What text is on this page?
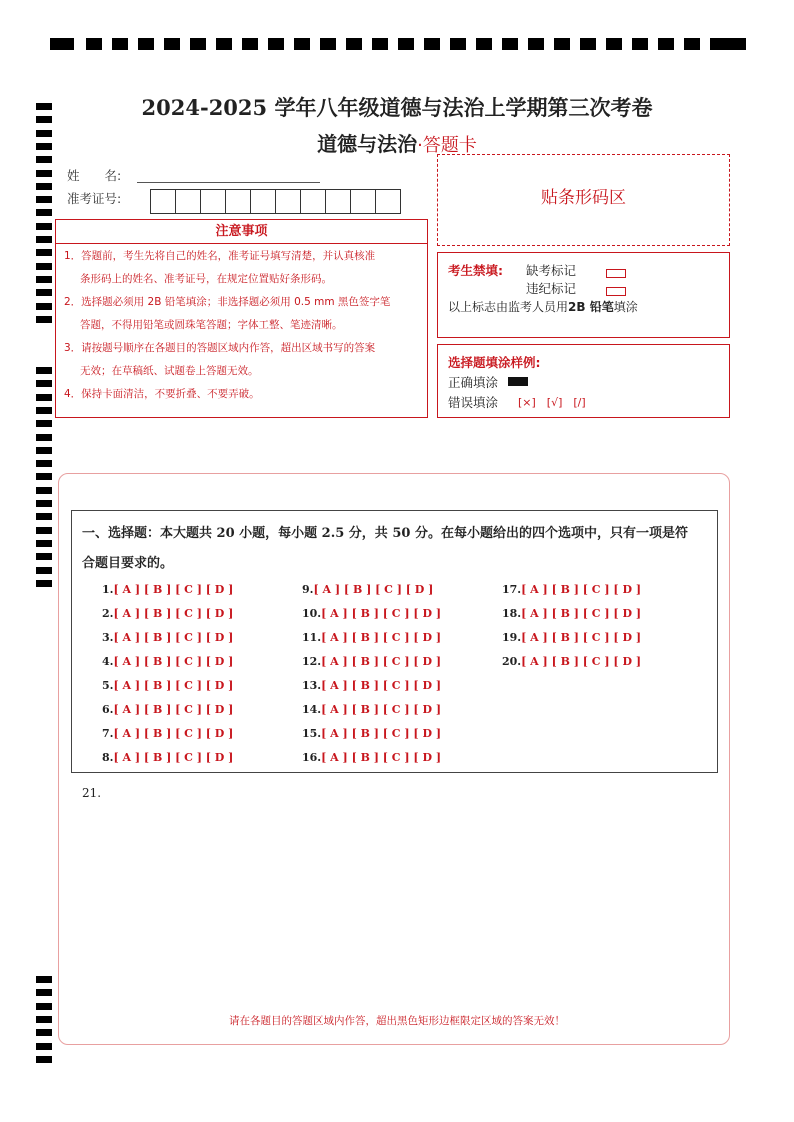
2024-2025 学年八年级道德与法治上学期第三次考卷
道德与法治·答题卡
姓　　名:
准考证号:
注意事项
1．答题前，考生先将自己的姓名，准考证号填写清楚，并认真核准
条形码上的姓名、准考证号，在规定位置贴好条形码。
2．选择题必须用 2B 铅笔填涂；非选择题必须用 0.5 mm 黑色签字笔
答题，不得用铅笔或圆珠笔答题；字体工整、笔迹清晰。
3．请按题号顺序在各题目的答题区域内作答，超出区域书写的答案
无效；在草稿纸、试题卷上答题无效。
4．保持卡面清洁，不要折叠、不要弄破。
贴条形码区
考生禁填: 缺考标记
违纪标记
以上标志由监考人员用2B 铅笔填涂
选择题填涂样例:
正确填涂
错误填涂 [×]　[√]　[/]
一、选择题：本大题共 20 小题，每小题 2.5 分，共 50 分。在每小题给出的四个选项中，只有一项是符
合题目要求的。
1.[ A ] [ B ] [ C ] [ D ]
2.[ A ] [ B ] [ C ] [ D ]
3.[ A ] [ B ] [ C ] [ D ]
4.[ A ] [ B ] [ C ] [ D ]
5.[ A ] [ B ] [ C ] [ D ]
6.[ A ] [ B ] [ C ] [ D ]
7.[ A ] [ B ] [ C ] [ D ]
8.[ A ] [ B ] [ C ] [ D ]
9.[ A ] [ B ] [ C ] [ D ]
10.[ A ] [ B ] [ C ] [ D ]
11.[ A ] [ B ] [ C ] [ D ]
12.[ A ] [ B ] [ C ] [ D ]
13.[ A ] [ B ] [ C ] [ D ]
14.[ A ] [ B ] [ C ] [ D ]
15.[ A ] [ B ] [ C ] [ D ]
16.[ A ] [ B ] [ C ] [ D ]
17.[ A ] [ B ] [ C ] [ D ]
18.[ A ] [ B ] [ C ] [ D ]
19.[ A ] [ B ] [ C ] [ D ]
20.[ A ] [ B ] [ C ] [ D ]
21.
请在各题目的答题区域内作答，超出黑色矩形边框限定区域的答案无效！
